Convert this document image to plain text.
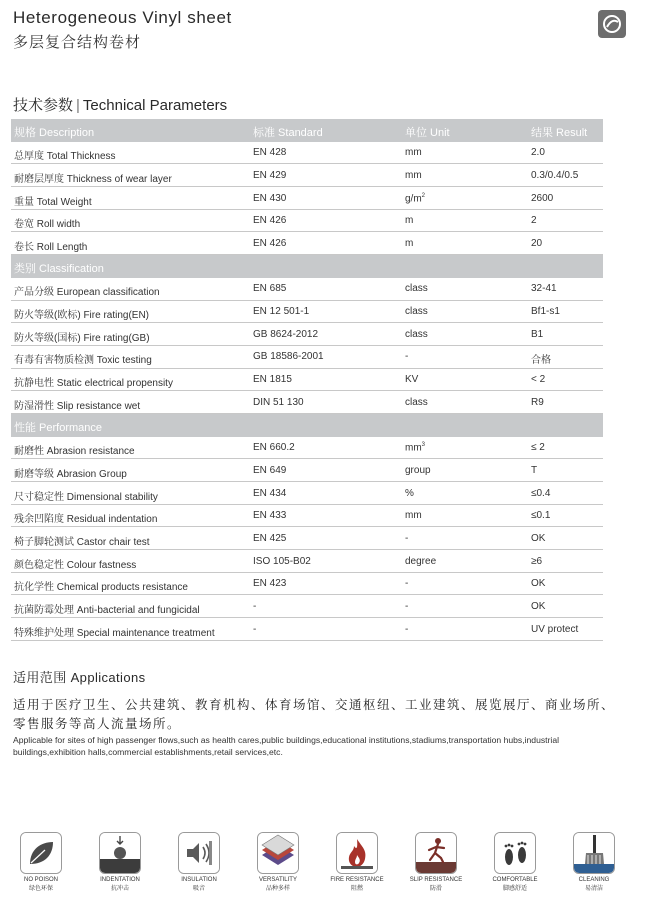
Heterogeneous Vinyl sheet
多层复合结构卷材
技术参数 | Technical Parameters
规格 Description	标准 Standard	单位 Unit	结果 Result
总厚度 Total Thickness	EN 428	mm	2.0
耐磨层厚度 Thickness of wear layer	EN 429	mm	0.3/0.4/0.5
重量 Total Weight	EN 430	$g/m^2$	2600
卷宽 Roll width	EN 426	m	2
卷长 Roll Length	EN 426	m	20
类别 Classification
产品分级 European classification	EN 685	class	32-41
防火等级(欧标) Fire rating(EN)	EN 12 501-1	class	Bf1-s1
防火等级(国标) Fire rating(GB)	GB 8624-2012	class	B1
有毒有害物质检测 Toxic testing	GB 18586-2001	-	合格
抗静电性 Static electrical propensity	EN 1815	KV	< 2
防湿滑性 Slip resistance wet	DIN 51 130	class	R9
性能 Performance
耐磨性 Abrasion resistance	EN 660.2	$mm^3$	≤ 2
耐磨等级 Abrasion Group	EN 649	group	T
尺寸稳定性 Dimensional stability	EN 434	%	≤0.4
残余凹陷度 Residual indentation	EN 433	mm	≤0.1
椅子脚轮测试 Castor chair test	EN 425	-	OK
颜色稳定性 Colour fastness	ISO 105-B02	degree	≥6
抗化学性 Chemical products resistance	EN 423	-	OK
抗菌防霉处理 Anti-bacterial and fungicidal	-	-	OK
特殊维护处理 Special maintenance treatment	-	-	UV protect
适用范围 Applications
适用于医疗卫生、公共建筑、教育机构、体育场馆、交通枢纽、工业建筑、展览展厅、商业场所、零售服务等高人流量场所。
Applicable for sites of high passenger flows,such as health cares,public buildings,educational institutions,stadiums,transportation hubs,industrial buildings,exhibition halls,commercial establishments,retail services,etc.
NO POISON
绿色环保
INDENTATION
抗冲击
INSULATION
吸音
VERSATILITY
品种多样
FIRE RESISTANCE
阻燃
SLIP RESISTANCE
防滑
COMFORTABLE
脚感舒适
CLEANING
易清洁
